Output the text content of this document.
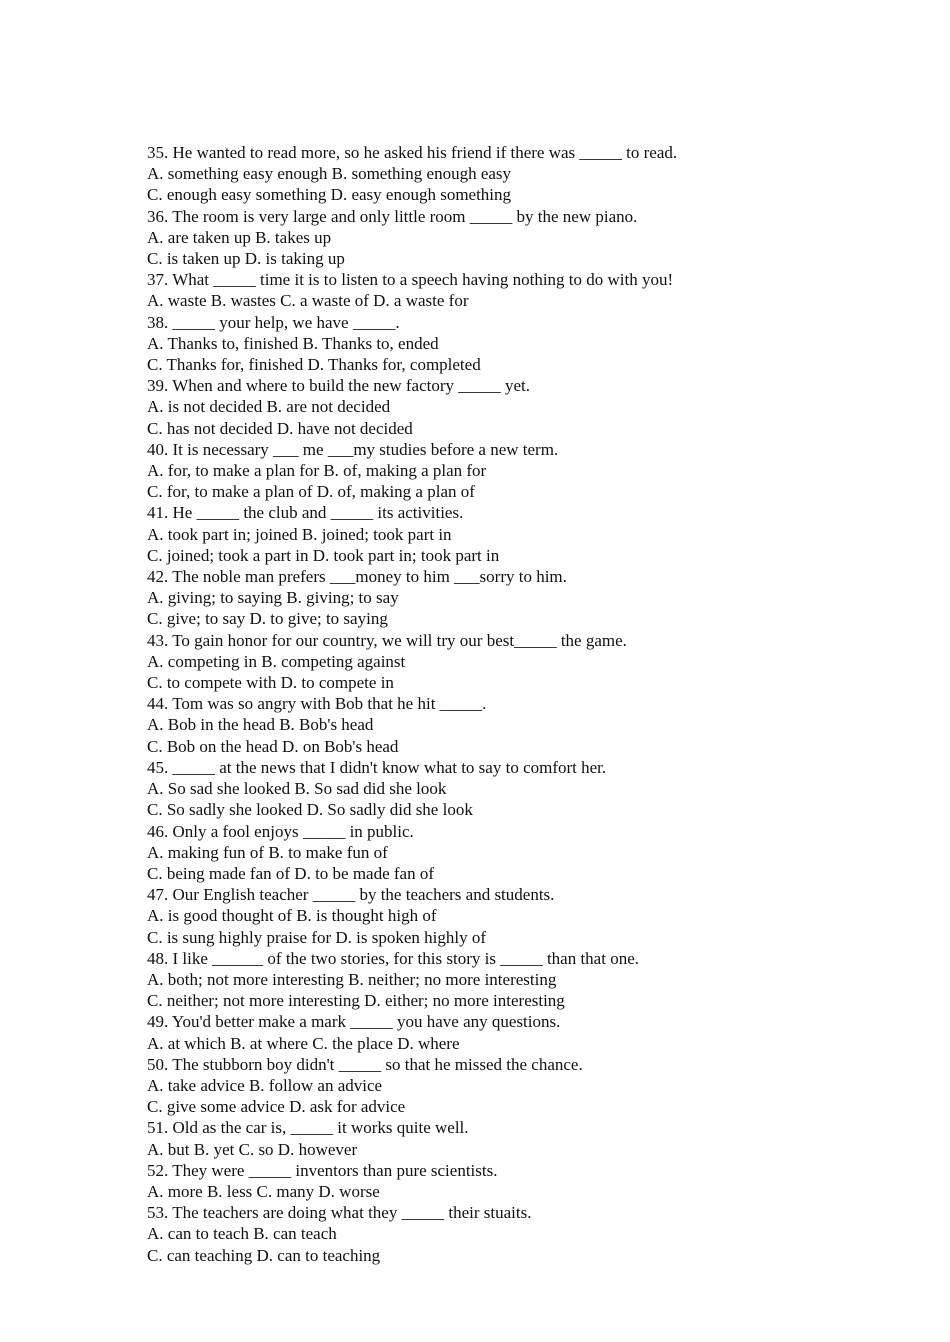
35. He wanted to read more, so he asked his friend if there was _____ to read.
A. something easy enough B. something enough easy
C. enough easy something D. easy enough something
36. The room is very large and only little room _____ by the new piano.
A. are taken up B. takes up
C. is taken up D. is taking up
37. What _____ time it is to listen to a speech having nothing to do with you!
A. waste B. wastes C. a waste of D. a waste for
38. _____ your help, we have _____.
A. Thanks to, finished B. Thanks to, ended
C. Thanks for, finished D. Thanks for, completed
39. When and where to build the new factory _____ yet.
A. is not decided B. are not decided
C. has not decided D. have not decided
40. It is necessary ___ me ___my studies before a new term.
A. for, to make a plan for B. of, making a plan for
C. for, to make a plan of D. of, making a plan of
41. He _____ the club and _____ its activities.
A. took part in; joined B. joined; took part in
C. joined; took a part in D. took part in; took part in
42. The noble man prefers ___money to him ___sorry to him.
A. giving; to saying B. giving; to say
C. give; to say D. to give; to saying
43. To gain honor for our country, we will try our best_____ the game.
A. competing in B. competing against
C. to compete with D. to compete in
44. Tom was so angry with Bob that he hit _____.
A. Bob in the head B. Bob's head
C. Bob on the head D. on Bob's head
45. _____ at the news that I didn't know what to say to comfort her.
A. So sad she looked B. So sad did she look
C. So sadly she looked D. So sadly did she look
46. Only a fool enjoys _____ in public.
A. making fun of B. to make fun of
C. being made fan of D. to be made fan of
47. Our English teacher _____ by the teachers and students.
A. is good thought of B. is thought high of
C. is sung highly praise for D. is spoken highly of
48. I like ______ of the two stories, for this story is _____ than that one.
A. both; not more interesting B. neither; no more interesting
C. neither; not more interesting D. either; no more interesting
49. You'd better make a mark _____ you have any questions.
A. at which B. at where C. the place D. where
50. The stubborn boy didn't _____ so that he missed the chance.
A. take advice B. follow an advice
C. give some advice D. ask for advice
51. Old as the car is, _____ it works quite well.
A. but B. yet C. so D. however
52. They were _____ inventors than pure scientists.
A. more B. less C. many D. worse
53. The teachers are doing what they _____ their stuaits.
A. can to teach B. can teach
C. can teaching D. can to teaching
